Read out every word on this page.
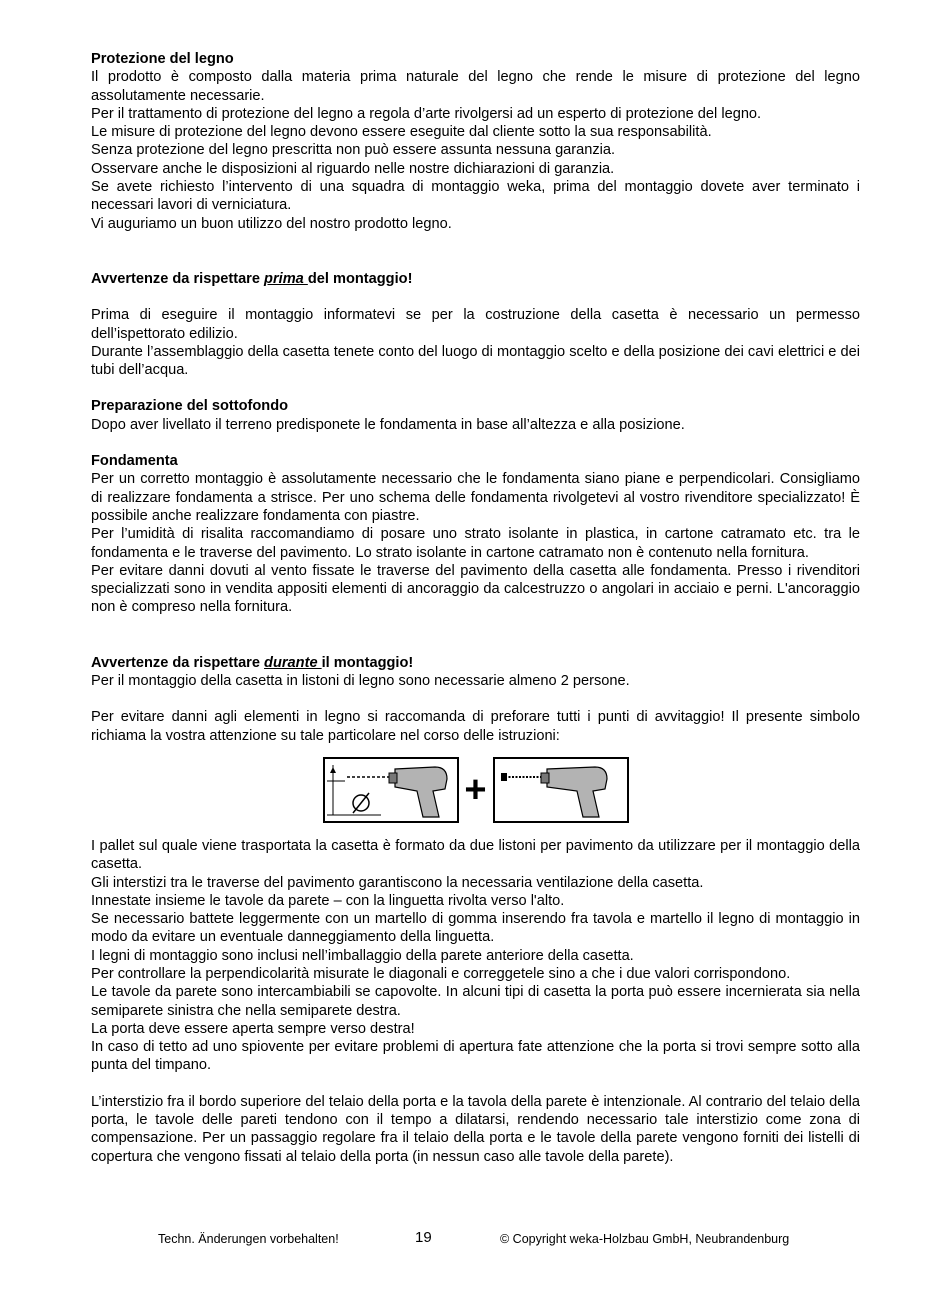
Protezione del legno

Il prodotto è composto dalla materia prima naturale del legno che rende le misure di protezione del legno assolutamente necessarie.

Per il trattamento di protezione del legno a regola d’arte rivolgersi ad un esperto di protezione del legno.

Le misure di protezione del legno devono essere eseguite dal cliente sotto la sua responsabilità.

Senza protezione del legno prescritta non può essere assunta nessuna garanzia.

Osservare anche le disposizioni al riguardo nelle nostre dichiarazioni di garanzia.

Se avete richiesto l’intervento di una squadra di montaggio weka, prima del montaggio dovete aver terminato i necessari lavori di verniciatura.

Vi auguriamo un buon utilizzo del nostro prodotto legno.

Avvertenze da rispettare prima del montaggio!

Prima di eseguire il montaggio informatevi se per la costruzione della casetta è necessario un permesso dell’ispettorato edilizio.

Durante l’assemblaggio della casetta tenete conto del luogo di montaggio scelto e della posizione dei cavi elettrici e dei tubi dell’acqua.

Preparazione del sottofondo

Dopo aver livellato il terreno predisponete le fondamenta in base all’altezza e alla posizione.

Fondamenta

Per un corretto montaggio è assolutamente necessario che le fondamenta siano piane e perpendicolari. Consigliamo di realizzare fondamenta a strisce. Per uno schema delle fondamenta rivolgetevi al vostro rivenditore specializzato! È possibile anche realizzare fondamenta con piastre.

Per l’umidità di risalita raccomandiamo di posare uno strato isolante in plastica, in cartone catramato etc. tra le fondamenta e le traverse del pavimento. Lo strato isolante in cartone catramato non è contenuto nella fornitura.

Per evitare danni dovuti al vento fissate le traverse del pavimento della casetta alle fondamenta. Presso i rivenditori specializzati sono in vendita appositi elementi di ancoraggio da calcestruzzo o angolari in acciaio e perni. L'ancoraggio non è compreso nella fornitura.

Avvertenze da rispettare durante il montaggio!

Per il montaggio della casetta in listoni di legno sono necessarie almeno 2 persone.

Per evitare danni agli elementi in legno si raccomanda di preforare tutti i punti di avvitaggio! Il presente simbolo richiama la vostra attenzione su tale particolare nel corso delle istruzioni:

+

I pallet sul quale viene trasportata la casetta è formato da due listoni per pavimento da utilizzare per il montaggio della casetta.

Gli interstizi tra le traverse del pavimento garantiscono la necessaria ventilazione della casetta.

Innestate insieme le tavole da parete – con la linguetta rivolta verso l'alto.

Se necessario battete leggermente con un martello di gomma inserendo fra tavola e martello il legno di montaggio in modo da evitare un eventuale danneggiamento della linguetta.

I legni di montaggio sono inclusi nell’imballaggio della parete anteriore della casetta.

Per controllare la perpendicolarità misurate le diagonali e correggetele sino a che i due valori corrispondono.

Le tavole da parete sono intercambiabili se capovolte. In alcuni tipi di casetta la porta può essere incernierata sia nella semiparete sinistra che nella semiparete destra.

La porta deve essere aperta sempre verso destra!

In caso di tetto ad uno spiovente per evitare problemi di apertura fate attenzione che la porta si trovi sempre sotto alla punta del timpano.

L’interstizio fra il bordo superiore del telaio della porta e la tavola della parete è intenzionale. Al contrario del telaio della porta, le tavole delle pareti tendono con il tempo a dilatarsi, rendendo necessario tale interstizio come zona di compensazione. Per un passaggio regolare fra il telaio della porta e le tavole della parete vengono forniti dei listelli di copertura che vengono fissati al telaio della porta (in nessun caso alle tavole della parete).

Techn. Änderungen vorbehalten!	19	© Copyright weka-Holzbau GmbH, Neubrandenburg
